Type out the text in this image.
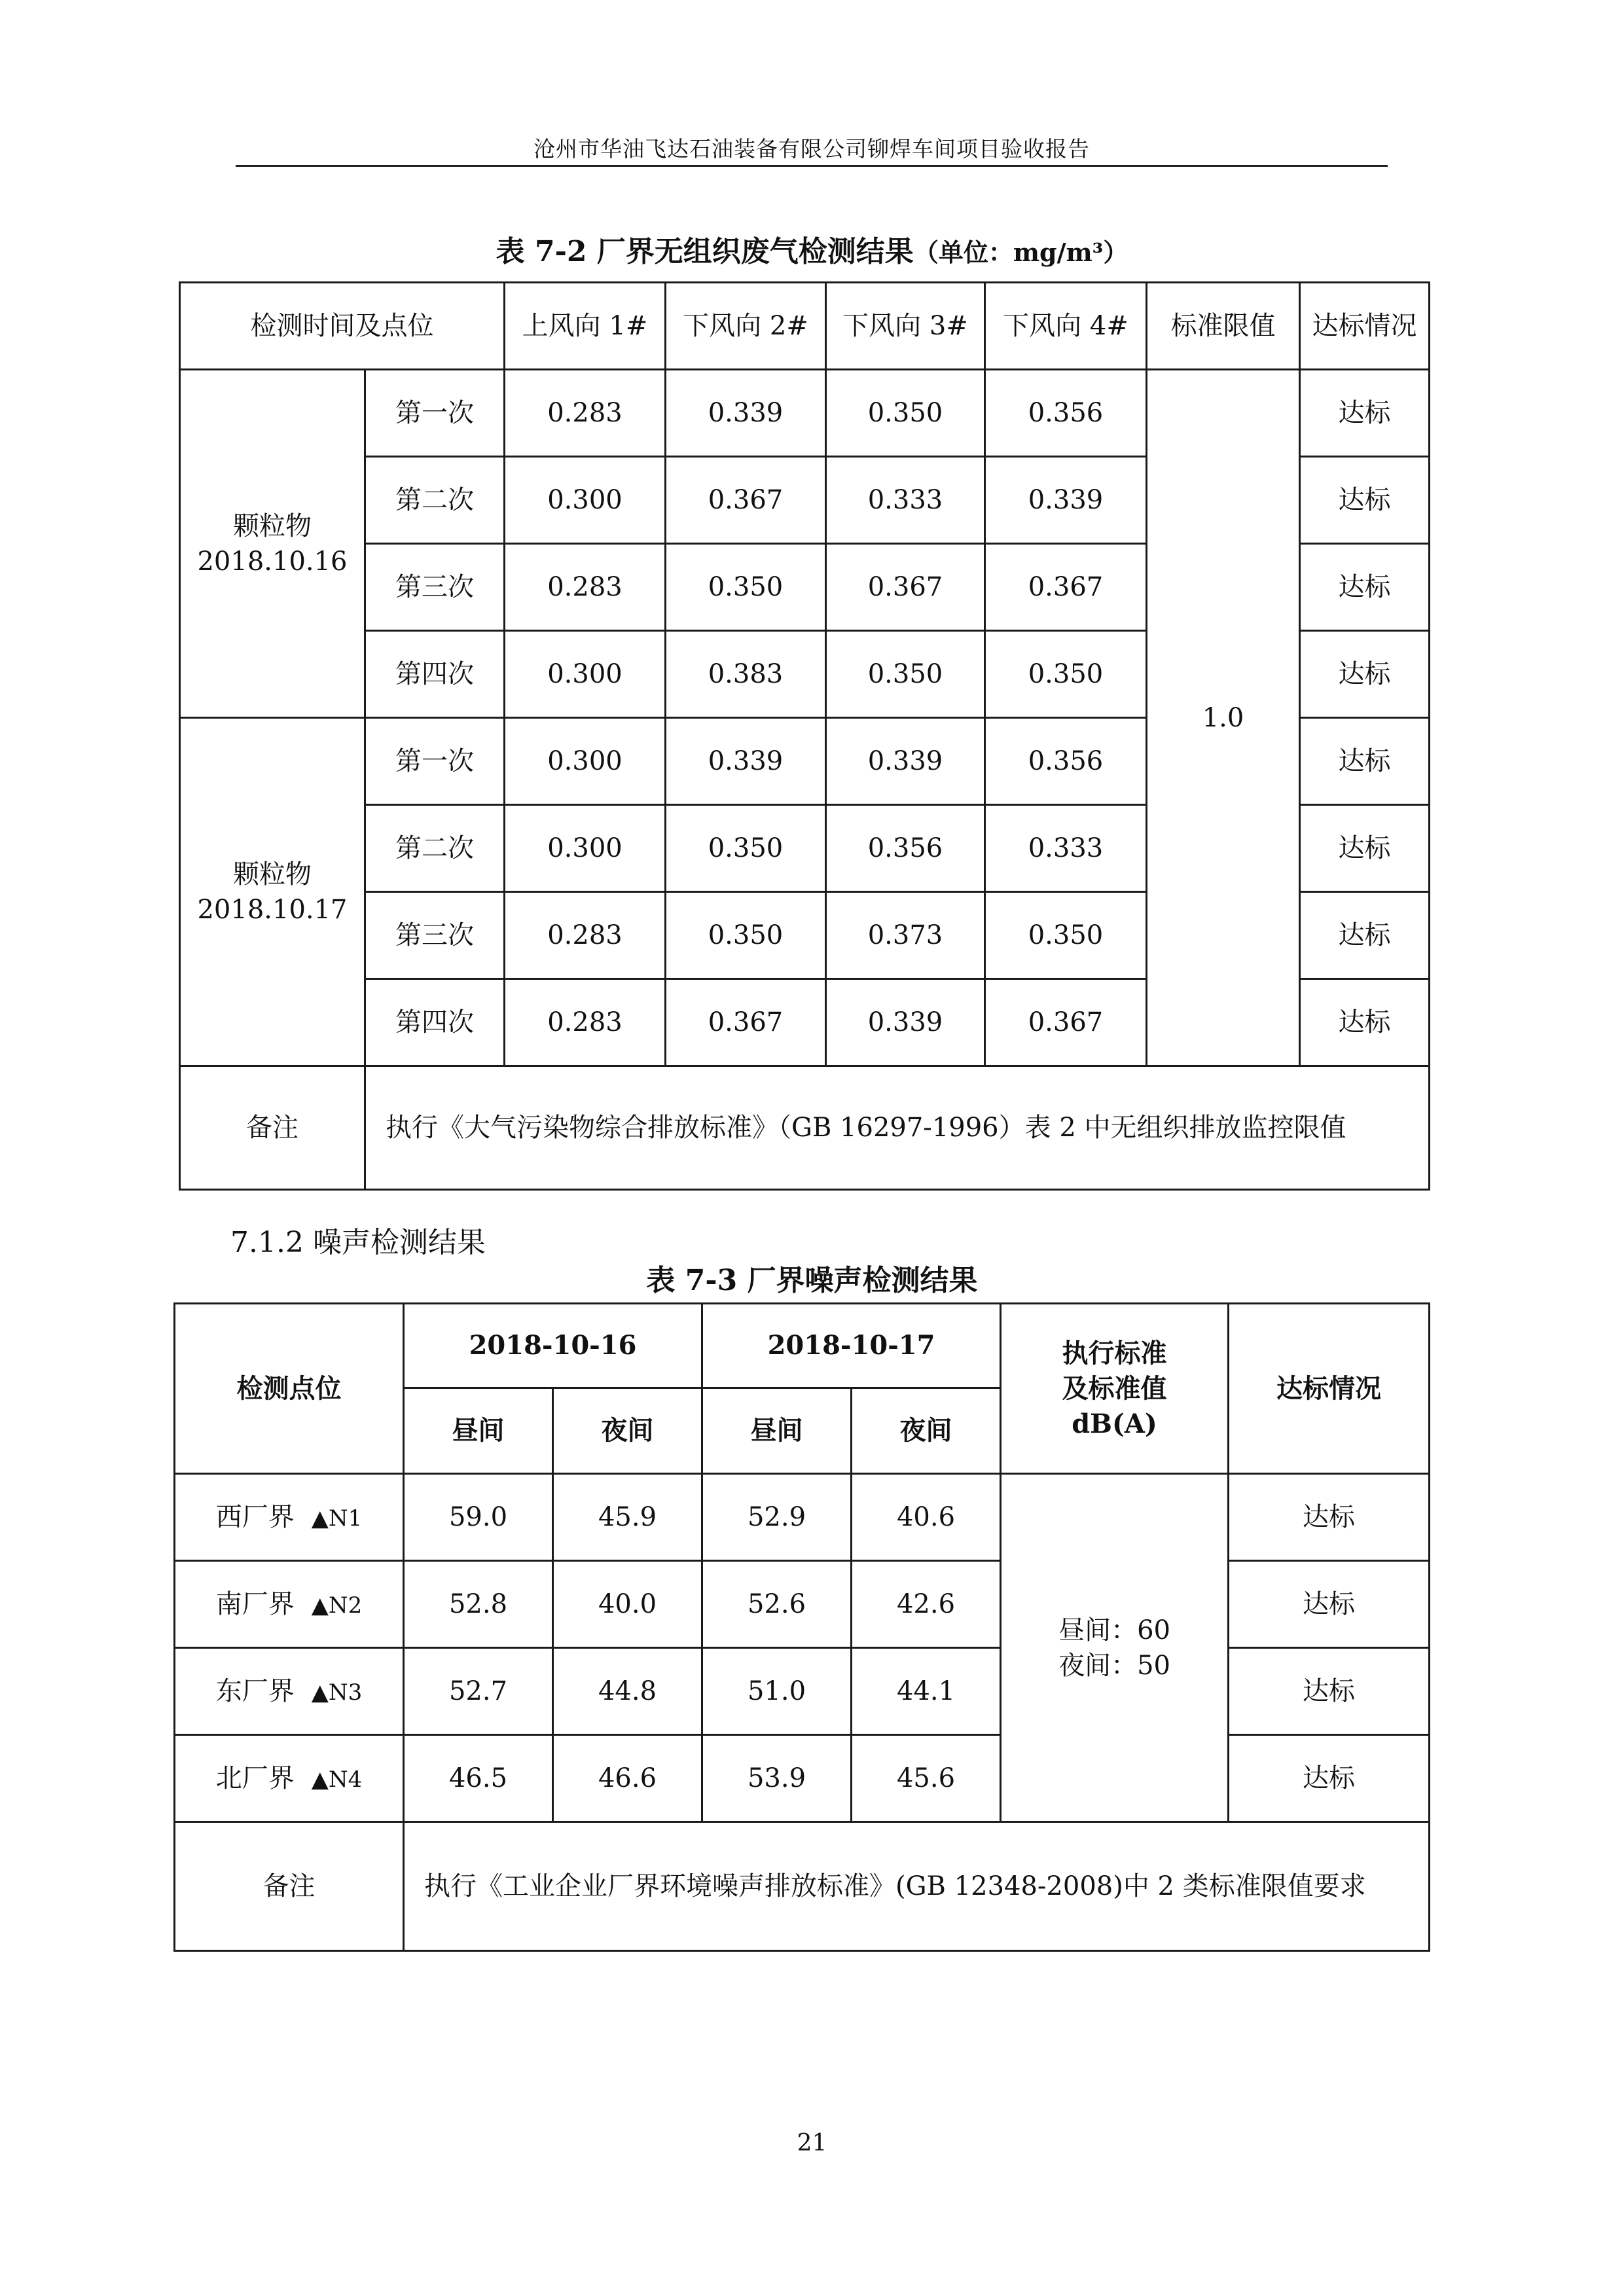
沧州市华油飞达石油装备有限公司铆焊车间项目验收报告
表 7-2 厂界无组织废气检测结果（单位：mg/m³）
检测时间及点位		上风向 1#	下风向 2#	下风向 3#	下风向 4#	标准限值	达标情况

颗粒物
2018.10.16	第一次	0.283	0.339	0.350	0.356	1.0	达标
	第二次	0.300	0.367	0.333	0.339		达标
	第三次	0.283	0.350	0.367	0.367		达标
	第四次	0.300	0.383	0.350	0.350		达标

颗粒物
2018.10.17	第一次	0.300	0.339	0.339	0.356		达标
	第二次	0.300	0.350	0.356	0.333		达标
	第三次	0.283	0.350	0.373	0.350		达标
	第四次	0.283	0.367	0.339	0.367		达标
备注	执行《大气污染物综合排放标准》（GB 16297-1996）表 2 中无组织排放监控限值						
7.1.2 噪声检测结果
表 7-3 厂界噪声检测结果
检测点位	2018-10-16		2018-10-17		执行标准
及标准值
dB(A)	达标情况
	昼间	夜间	昼间	夜间		
西厂界 ▲N1	59.0	45.9	52.9	40.6	昼间：60
夜间：50	达标
南厂界 ▲N2	52.8	40.0	52.6	42.6		达标
东厂界 ▲N3	52.7	44.8	51.0	44.1		达标
北厂界 ▲N4	46.5	46.6	53.9	45.6		达标
备注	执行《工业企业厂界环境噪声排放标准》(GB 12348-2008)中 2 类标准限值要求					
21
